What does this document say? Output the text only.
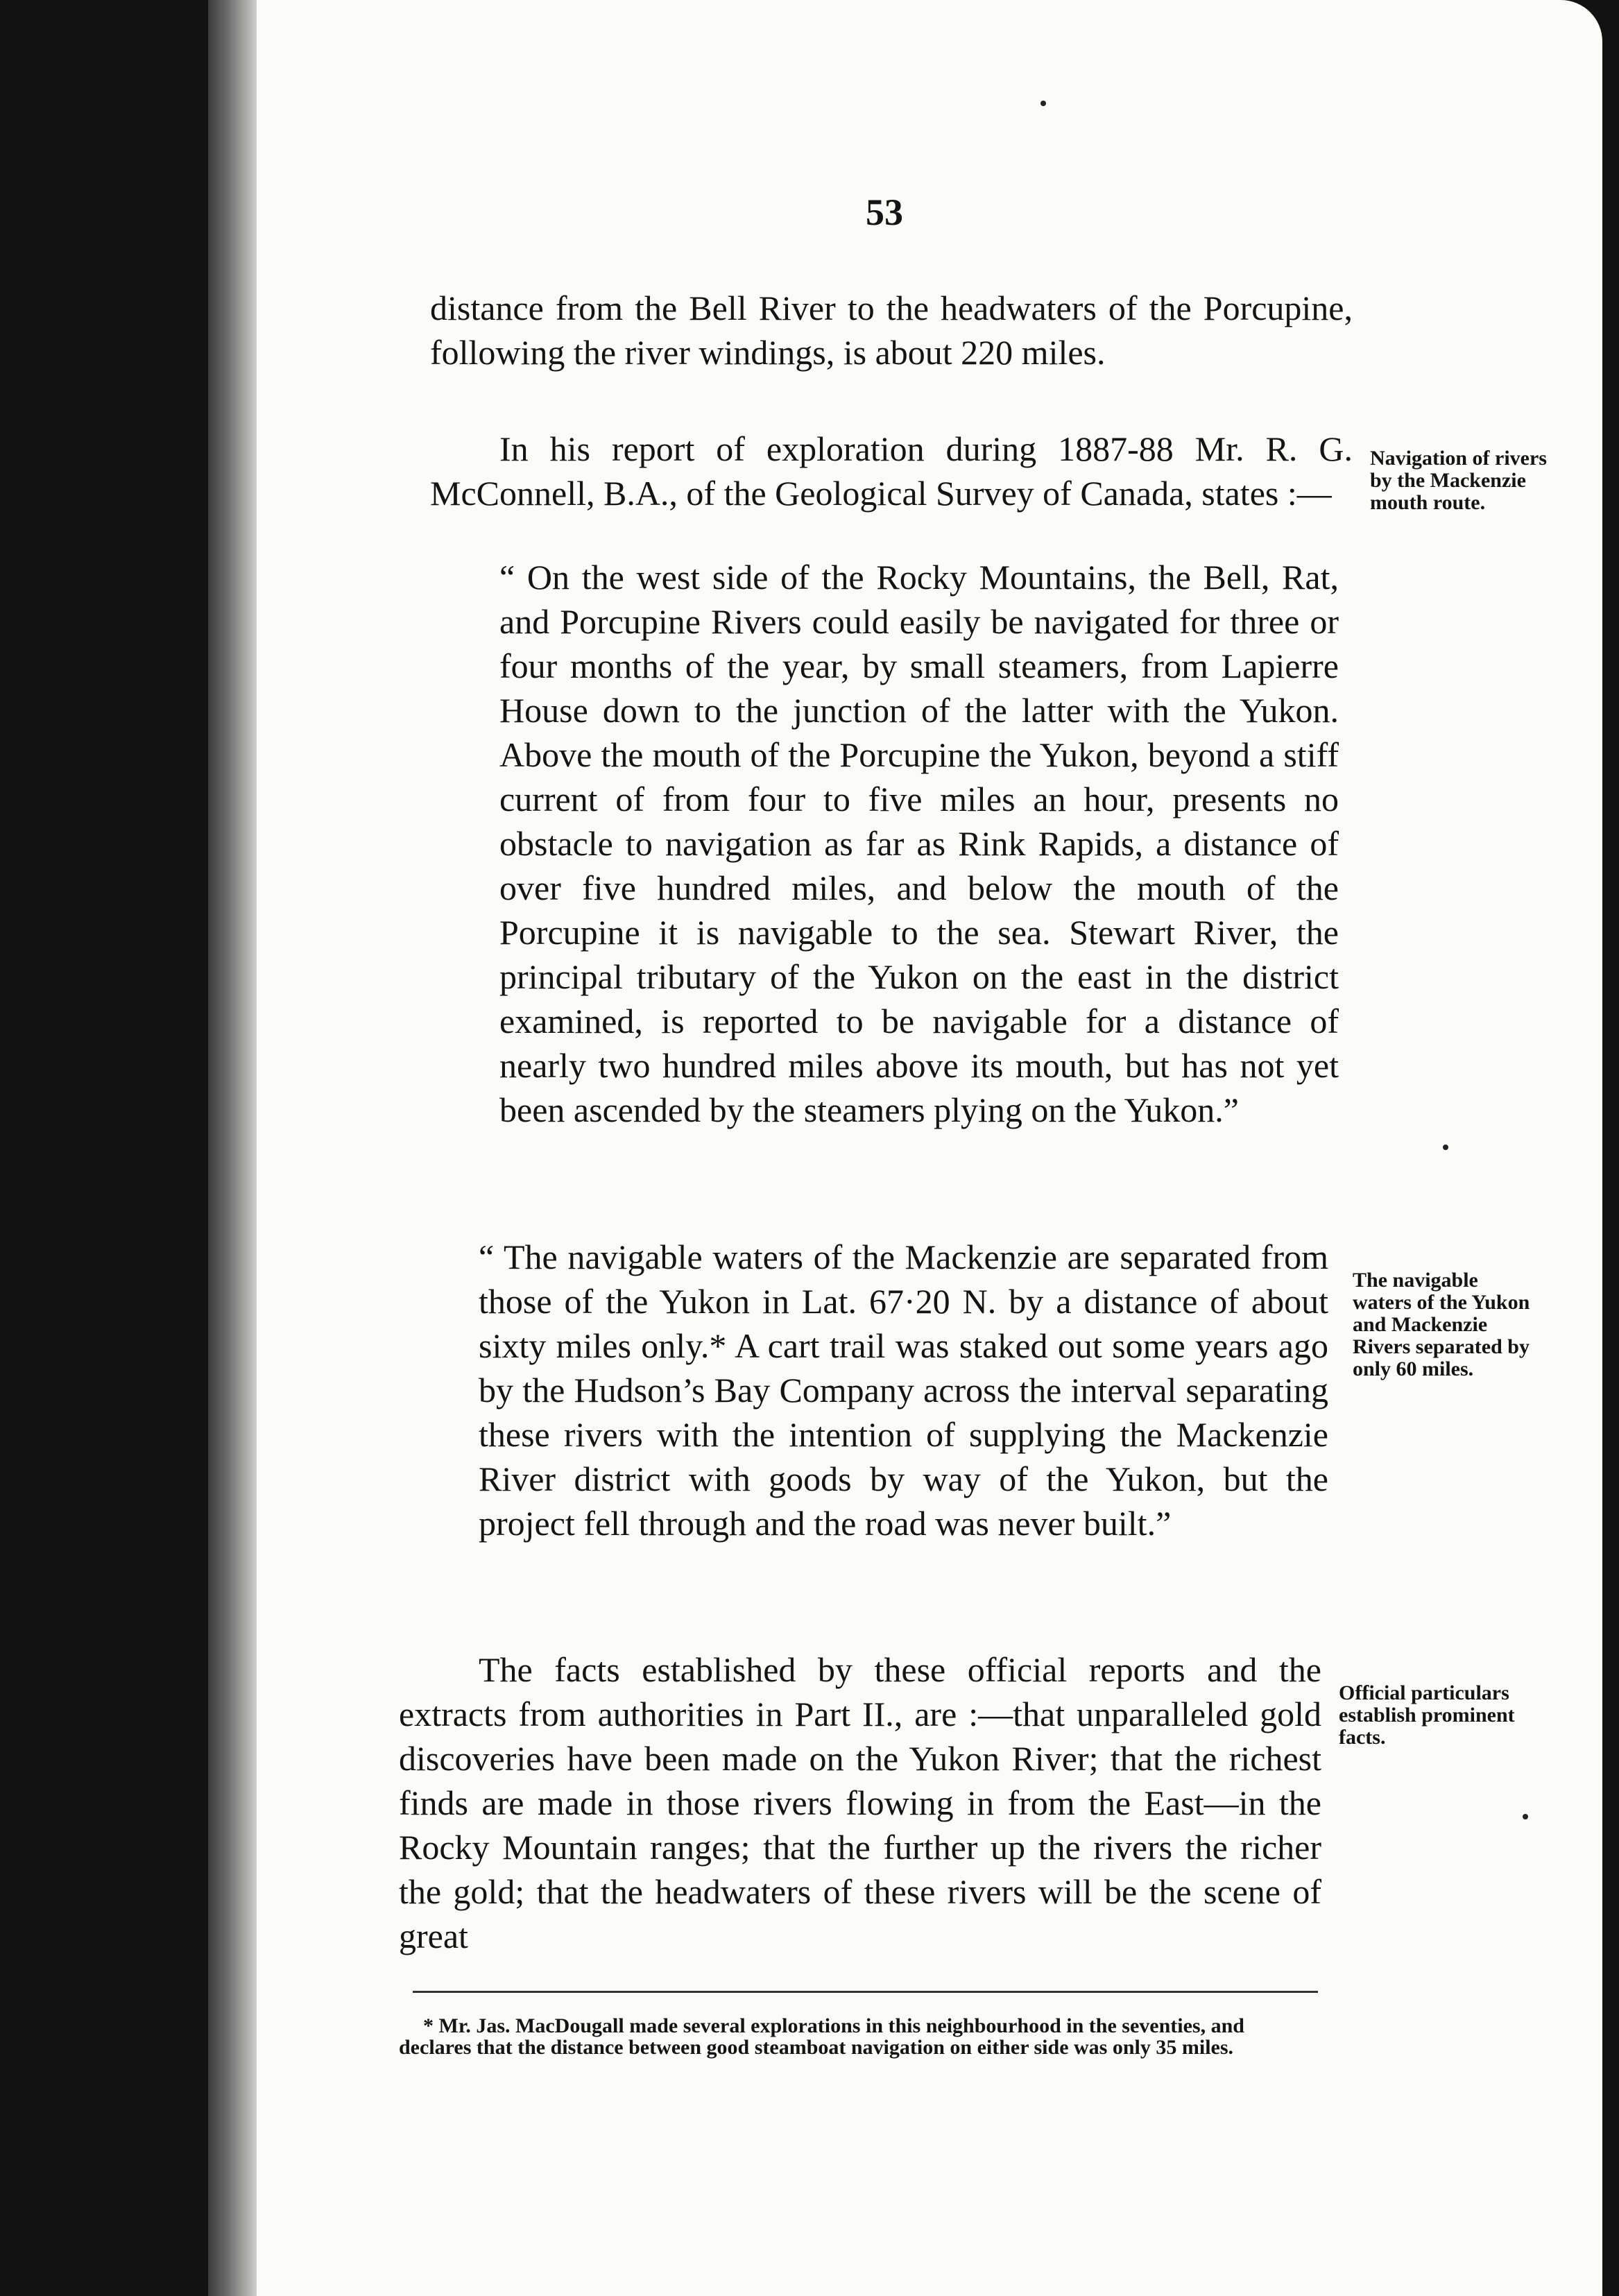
53

distance from the Bell River to the headwaters of the Porcupine, following the river windings, is about 220 miles.

In his report of exploration during 1887-88 Mr. R. G. McConnell, B.A., of the Geological Survey of Canada, states :—

“ On the west side of the Rocky Mountains, the Bell, Rat, and Porcupine Rivers could easily be navigated for three or four months of the year, by small steamers, from Lapierre House down to the junction of the latter with the Yukon. Above the mouth of the Porcupine the Yukon, beyond a stiff current of from four to five miles an hour, presents no obstacle to navigation as far as Rink Rapids, a distance of over five hundred miles, and below the mouth of the Porcupine it is navigable to the sea. Stewart River, the principal tributary of the Yukon on the east in the district examined, is reported to be navigable for a distance of nearly two hundred miles above its mouth, but has not yet been ascended by the steamers plying on the Yukon.”

“ The navigable waters of the Mackenzie are separated from those of the Yukon in Lat. 67·20 N. by a distance of about sixty miles only.* A cart trail was staked out some years ago by the Hudson’s Bay Company across the interval separating these rivers with the intention of supplying the Mackenzie River district with goods by way of the Yukon, but the project fell through and the road was never built.”

The facts established by these official reports and the extracts from authorities in Part II., are :—that unparalleled gold discoveries have been made on the Yukon River; that the richest finds are made in those rivers flowing in from the East—in the Rocky Mountain ranges; that the further up the rivers the richer the gold; that the headwaters of these rivers will be the scene of great

Navigation of rivers by the Mackenzie mouth route.
The navigable waters of the Yukon and Mackenzie Rivers separated by only 60 miles.
Official particulars establish prominent facts.

* Mr. Jas. MacDougall made several explorations in this neighbourhood in the seventies, and declares that the distance between good steamboat navigation on either side was only 35 miles.
